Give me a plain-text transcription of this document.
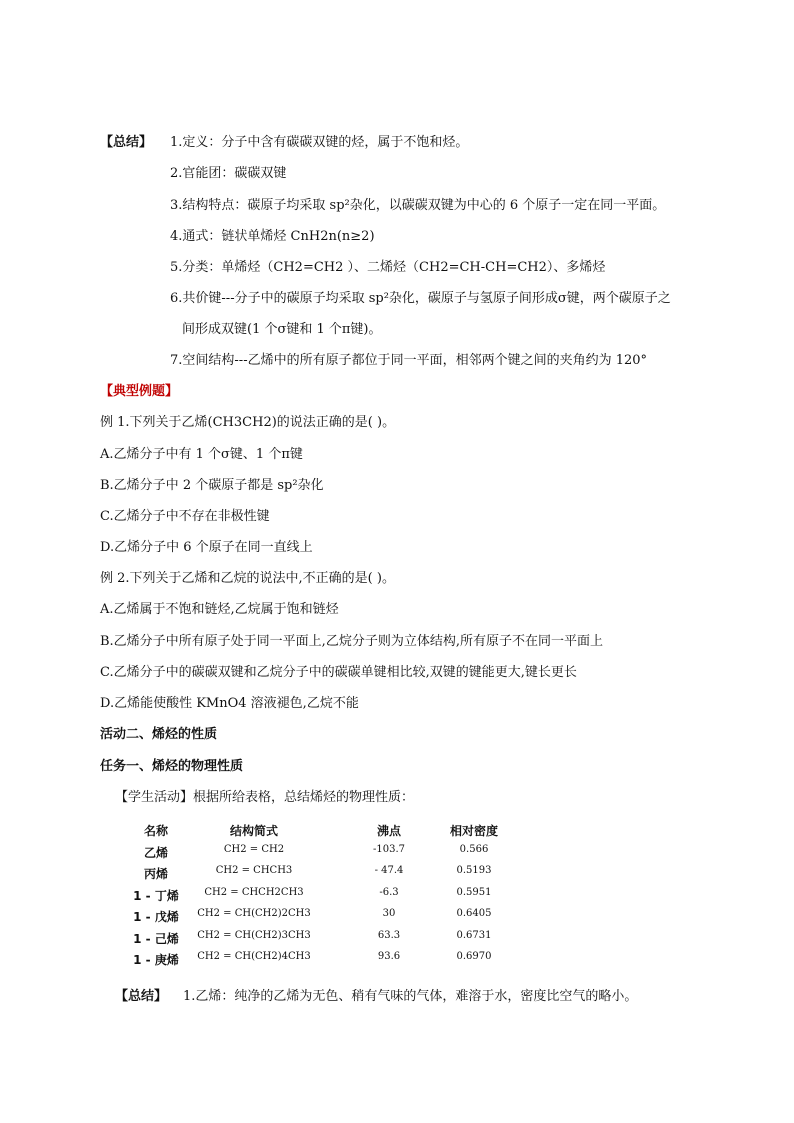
【总结】 1.定义：分子中含有碳碳双键的烃，属于不饱和烃。
2.官能团：碳碳双键
3.结构特点：碳原子均采取 sp²杂化，以碳碳双键为中心的 6 个原子一定在同一平面。
4.通式：链状单烯烃 CnH2n(n≥2)
5.分类：单烯烃（CH2=CH2 ）、二烯烃（CH2=CH-CH=CH2）、多烯烃
6.共价键---分子中的碳原子均采取 sp²杂化，碳原子与氢原子间形成σ键，两个碳原子之
间形成双键(1 个σ键和 1 个π键)。
7.空间结构---乙烯中的所有原子都位于同一平面，相邻两个键之间的夹角约为 120°
【典型例题】
例 1.下列关于乙烯(CH3CH2)的说法正确的是( )。
A.乙烯分子中有 1 个σ键、1 个π键
B.乙烯分子中 2 个碳原子都是 sp²杂化
C.乙烯分子中不存在非极性键
D.乙烯分子中 6 个原子在同一直线上
例 2.下列关于乙烯和乙烷的说法中,不正确的是( )。
A.乙烯属于不饱和链烃,乙烷属于饱和链烃
B.乙烯分子中所有原子处于同一平面上,乙烷分子则为立体结构,所有原子不在同一平面上
C.乙烯分子中的碳碳双键和乙烷分子中的碳碳单键相比较,双键的键能更大,键长更长
D.乙烯能使酸性 KMnO4 溶液褪色,乙烷不能
活动二、烯烃的性质
任务一、烯烃的物理性质
【学生活动】根据所给表格，总结烯烃的物理性质：
名称	结构简式	沸点	相对密度
乙烯	CH2 = CH2	-103.7	0.566
丙烯	CH2 = CHCH3	- 47.4	0.5193
1 - 丁烯	CH2 = CHCH2CH3	-6.3	0.5951
1 - 戊烯	CH2 = CH(CH2)2CH3	30	0.6405
1 - 己烯	CH2 = CH(CH2)3CH3	63.3	0.6731
1 - 庚烯	CH2 = CH(CH2)4CH3	93.6	0.6970
【总结】 1.乙烯：纯净的乙烯为无色、稍有气味的气体，难溶于水，密度比空气的略小。
